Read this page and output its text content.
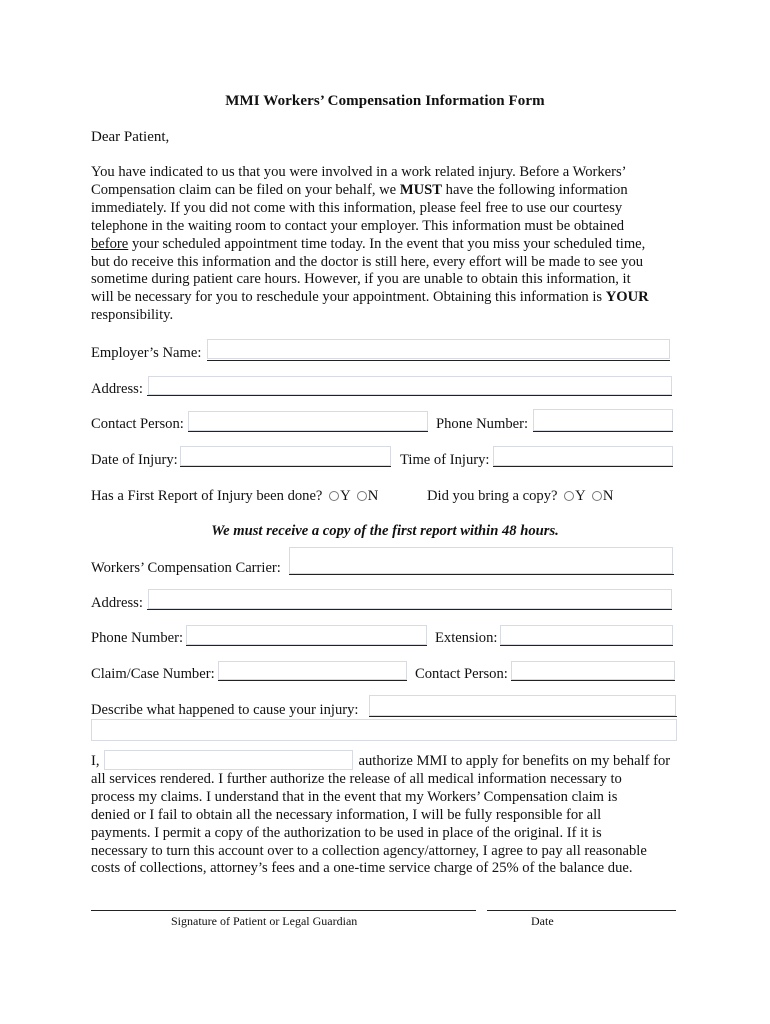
MMI Workers’ Compensation Information Form
Dear Patient,
You have indicated to us that you were involved in a work related injury. Before a Workers’
Compensation claim can be filed on your behalf, we MUST have the following information
immediately. If you did not come with this information, please feel free to use our courtesy
telephone in the waiting room to contact your employer. This information must be obtained
before your scheduled appointment time today. In the event that you miss your scheduled time,
but do receive this information and the doctor is still here, every effort will be made to see you
sometime during patient care hours. However, if you are unable to obtain this information, it
will be necessary for you to reschedule your appointment. Obtaining this information is YOUR
responsibility.
Employer’s Name:
Address:
Contact Person:	Phone Number:
Date of Injury:	Time of Injury:
Has a First Report of Injury been done? Y N	Did you bring a copy? Y N
We must receive a copy of the first report within 48 hours.
Workers’ Compensation Carrier:
Address:
Phone Number:	Extension:
Claim/Case Number:	Contact Person:
Describe what happened to cause your injury:
I,	authorize MMI to apply for benefits on my behalf for
all services rendered. I further authorize the release of all medical information necessary to
process my claims. I understand that in the event that my Workers’ Compensation claim is
denied or I fail to obtain all the necessary information, I will be fully responsible for all
payments. I permit a copy of the authorization to be used in place of the original. If it is
necessary to turn this account over to a collection agency/attorney, I agree to pay all reasonable
costs of collections, attorney’s fees and a one-time service charge of 25% of the balance due.
Signature of Patient or Legal Guardian	Date
